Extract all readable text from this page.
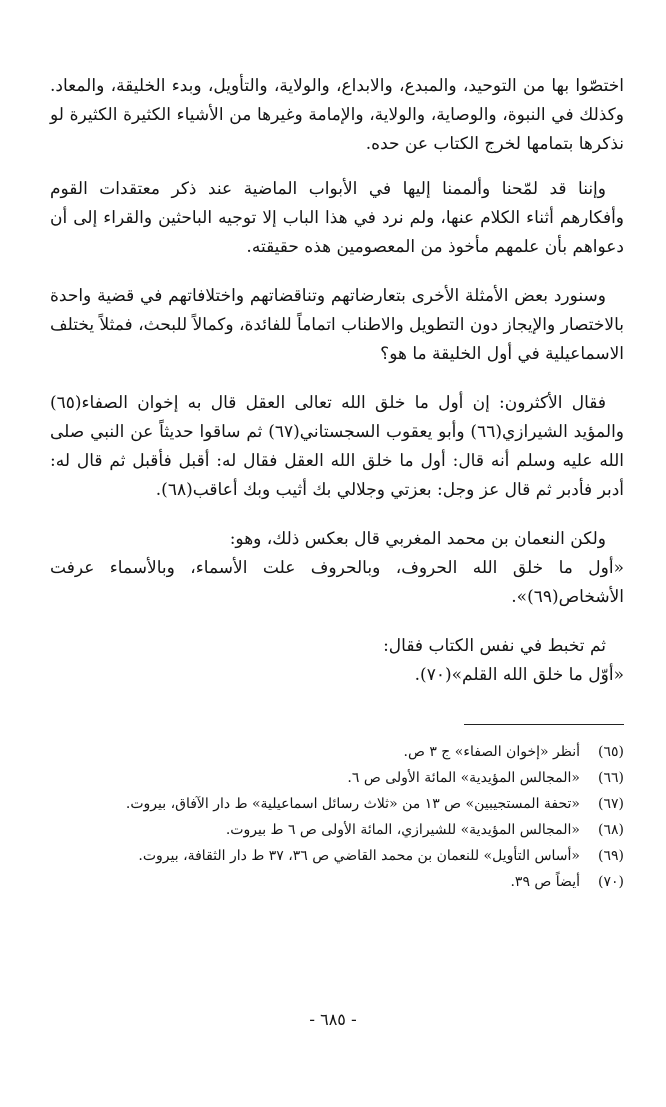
اختصّوا بها من التوحيد، والمبدع، والابداع، والولاية، والتأويل، وبدء الخليقة، والمعاد. وكذلك في النبوة، والوصاية، والولاية، والإمامة وغيرها من الأشياء الكثيرة الكثيرة لو نذكرها بتمامها لخرج الكتاب عن حده.

وإننا قد لمّحنا وألممنا إليها في الأبواب الماضية عند ذكر معتقدات القوم وأفكارهم أثناء الكلام عنها، ولم نرد في هذا الباب إلا توجيه الباحثين والقراء إلى أن دعواهم بأن علمهم مأخوذ من المعصومين هذه حقيقته.

وسنورد بعض الأمثلة الأخرى بتعارضاتهم وتناقضاتهم واختلافاتهم في قضية واحدة بالاختصار والإيجاز دون التطويل والاطناب اتماماً للفائدة، وكمالاً للبحث، فمثلاً يختلف الاسماعيلية في أول الخليقة ما هو؟

فقال الأكثرون: إن أول ما خلق الله تعالى العقل قال به إخوان الصفاء(٦٥) والمؤيد الشيرازي(٦٦) وأبو يعقوب السجستاني(٦٧) ثم ساقوا حديثاً عن النبي صلى الله عليه وسلم أنه قال: أول ما خلق الله العقل فقال له: أقبل فأقبل ثم قال له: أدبر فأدبر ثم قال عز وجل: بعزتي وجلالي بك أثيب وبك أعاقب(٦٨).

ولكن النعمان بن محمد المغربي قال بعكس ذلك، وهو:

«أول ما خلق الله الحروف، وبالحروف علت الأسماء، وبالأسماء عرفت الأشخاص(٦٩)».

ثم تخبط في نفس الكتاب فقال:

«أوّل ما خلق الله القلم»(٧٠).

(٦٥)أنظر «إخوان الصفاء» ج ٣ ص.

(٦٦)«المجالس المؤيدية» المائة الأولى ص ٦.

(٦٧)«تحفة المستجيبين» ص ١٣ من «ثلاث رسائل اسماعيلية» ط دار الآفاق، بيروت.

(٦٨)«المجالس المؤيدية» للشيرازي، المائة الأولى ص ٦ ط بيروت.

(٦٩)«أساس التأويل» للنعمان بن محمد القاضي ص ٣٦، ٣٧ ط دار الثقافة، بيروت.

(٧٠)أيضاً ص ٣٩.

- ٦٨٥ -
